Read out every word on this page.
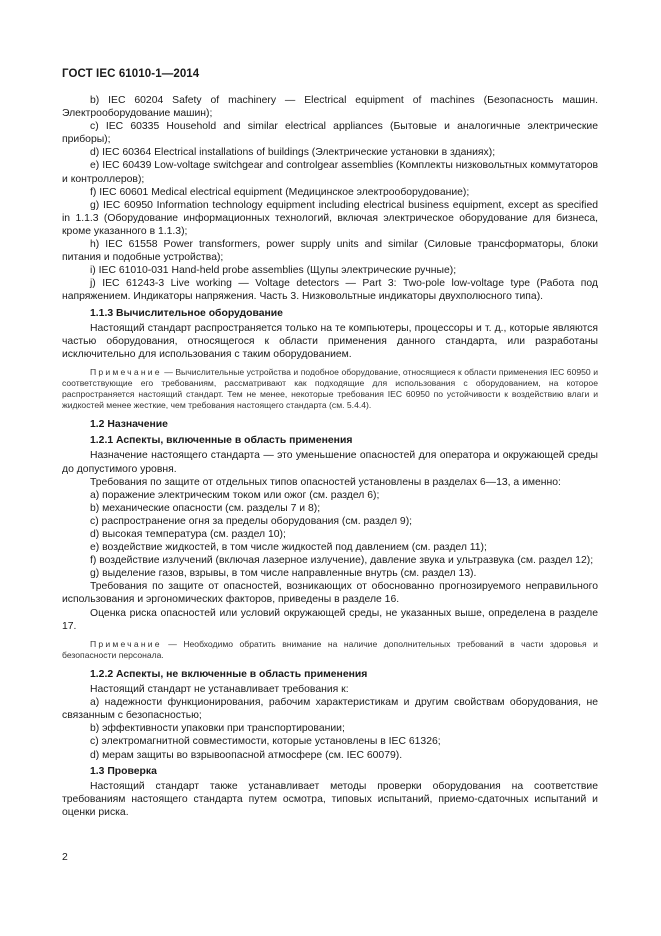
ГОСТ IEC 61010-1—2014

b) IEC 60204 Safety of machinery — Electrical equipment of machines (Безопасность машин. Электрооборудование машин);

c) IEC 60335 Household and similar electrical appliances (Бытовые и аналогичные электрические приборы);

d) IEC 60364 Electrical installations of buildings (Электрические установки в зданиях);

e) IEC 60439 Low-voltage switchgear and controlgear assemblies (Комплекты низковольтных коммутаторов и контроллеров);

f) IEC 60601 Medical electrical equipment (Медицинское электрооборудование);

g) IEC 60950 Information technology equipment including electrical business equipment, except as specified in 1.1.3 (Оборудование информационных технологий, включая электрическое оборудование для бизнеса, кроме указанного в 1.1.3);

h) IEC 61558 Power transformers, power supply units and similar (Силовые трансформаторы, блоки питания и подобные устройства);

i) IEC 61010-031 Hand-held probe assemblies (Щупы электрические ручные);

j) IEC 61243-3 Live working — Voltage detectors — Part 3: Two-pole low-voltage type (Работа под напряжением. Индикаторы напряжения. Часть 3. Низковольтные индикаторы двухполюсного типа).

1.1.3 Вычислительное оборудование

Настоящий стандарт распространяется только на те компьютеры, процессоры и т. д., которые являются частью оборудования, относящегося к области применения данного стандарта, или разработаны исключительно для использования с таким оборудованием.

Примечание — Вычислительные устройства и подобное оборудование, относящиеся к области применения IEC 60950 и соответствующие его требованиям, рассматривают как подходящие для использования с оборудованием, на которое распространяется настоящий стандарт. Тем не менее, некоторые требования IEC 60950 по устойчивости к воздействию влаги и жидкостей менее жесткие, чем требования настоящего стандарта (см. 5.4.4).

1.2 Назначение

1.2.1 Аспекты, включенные в область применения

Назначение настоящего стандарта — это уменьшение опасностей для оператора и окружающей среды до допустимого уровня.

Требования по защите от отдельных типов опасностей установлены в разделах 6—13, а именно:

a) поражение электрическим током или ожог (см. раздел 6);

b) механические опасности (см. разделы 7 и 8);

c) распространение огня за пределы оборудования (см. раздел 9);

d) высокая температура (см. раздел 10);

e) воздействие жидкостей, в том числе жидкостей под давлением (см. раздел 11);

f) воздействие излучений (включая лазерное излучение), давление звука и ультразвука (см. раздел 12);

g) выделение газов, взрывы, в том числе направленные внутрь (см. раздел 13).

Требования по защите от опасностей, возникающих от обоснованно прогнозируемого неправильного использования и эргономических факторов, приведены в разделе 16.

Оценка риска опасностей или условий окружающей среды, не указанных выше, определена в разделе 17.

Примечание — Необходимо обратить внимание на наличие дополнительных требований в части здоровья и безопасности персонала.

1.2.2 Аспекты, не включенные в область применения

Настоящий стандарт не устанавливает требования к:

a) надежности функционирования, рабочим характеристикам и другим свойствам оборудования, не связанным с безопасностью;

b) эффективности упаковки при транспортировании;

c) электромагнитной совместимости, которые установлены в IEC 61326;

d) мерам защиты во взрывоопасной атмосфере (см. IEC 60079).

1.3 Проверка

Настоящий стандарт также устанавливает методы проверки оборудования на соответствие требованиям настоящего стандарта путем осмотра, типовых испытаний, приемо-сдаточных испытаний и оценки риска.

2
